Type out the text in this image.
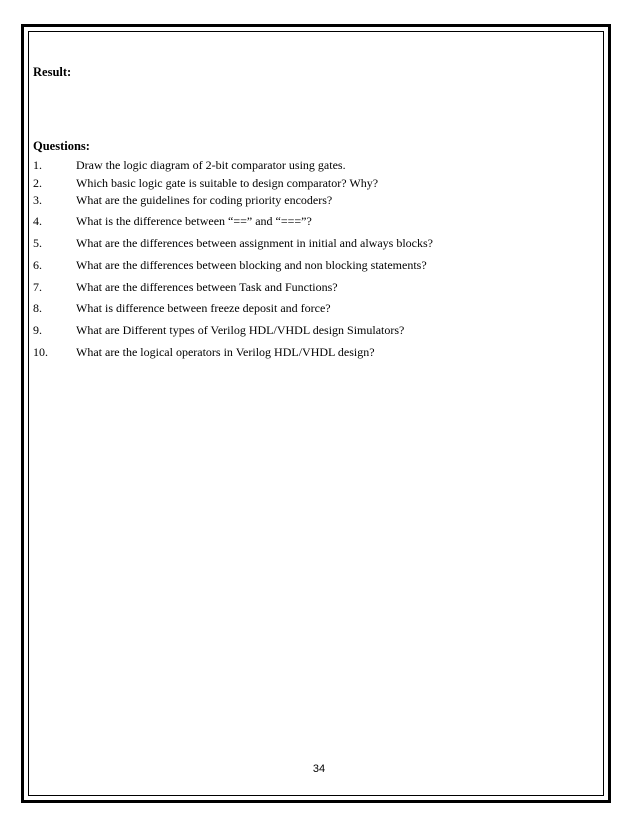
Result:
Questions:
1.	Draw the logic diagram of 2-bit comparator using gates.
2.	Which basic logic gate is suitable to design comparator? Why?
3.	What are the guidelines for coding priority encoders?
4.	What is the difference between “==” and “===”?
5.	What are the differences between assignment in initial and always blocks?
6.	What are the differences between blocking and non blocking statements?
7.	What are the differences between Task and Functions?
8.	What is difference between freeze deposit and force?
9.	What are Different types of Verilog HDL/VHDL design Simulators?
10. What are the logical operators in Verilog HDL/VHDL design?
34
